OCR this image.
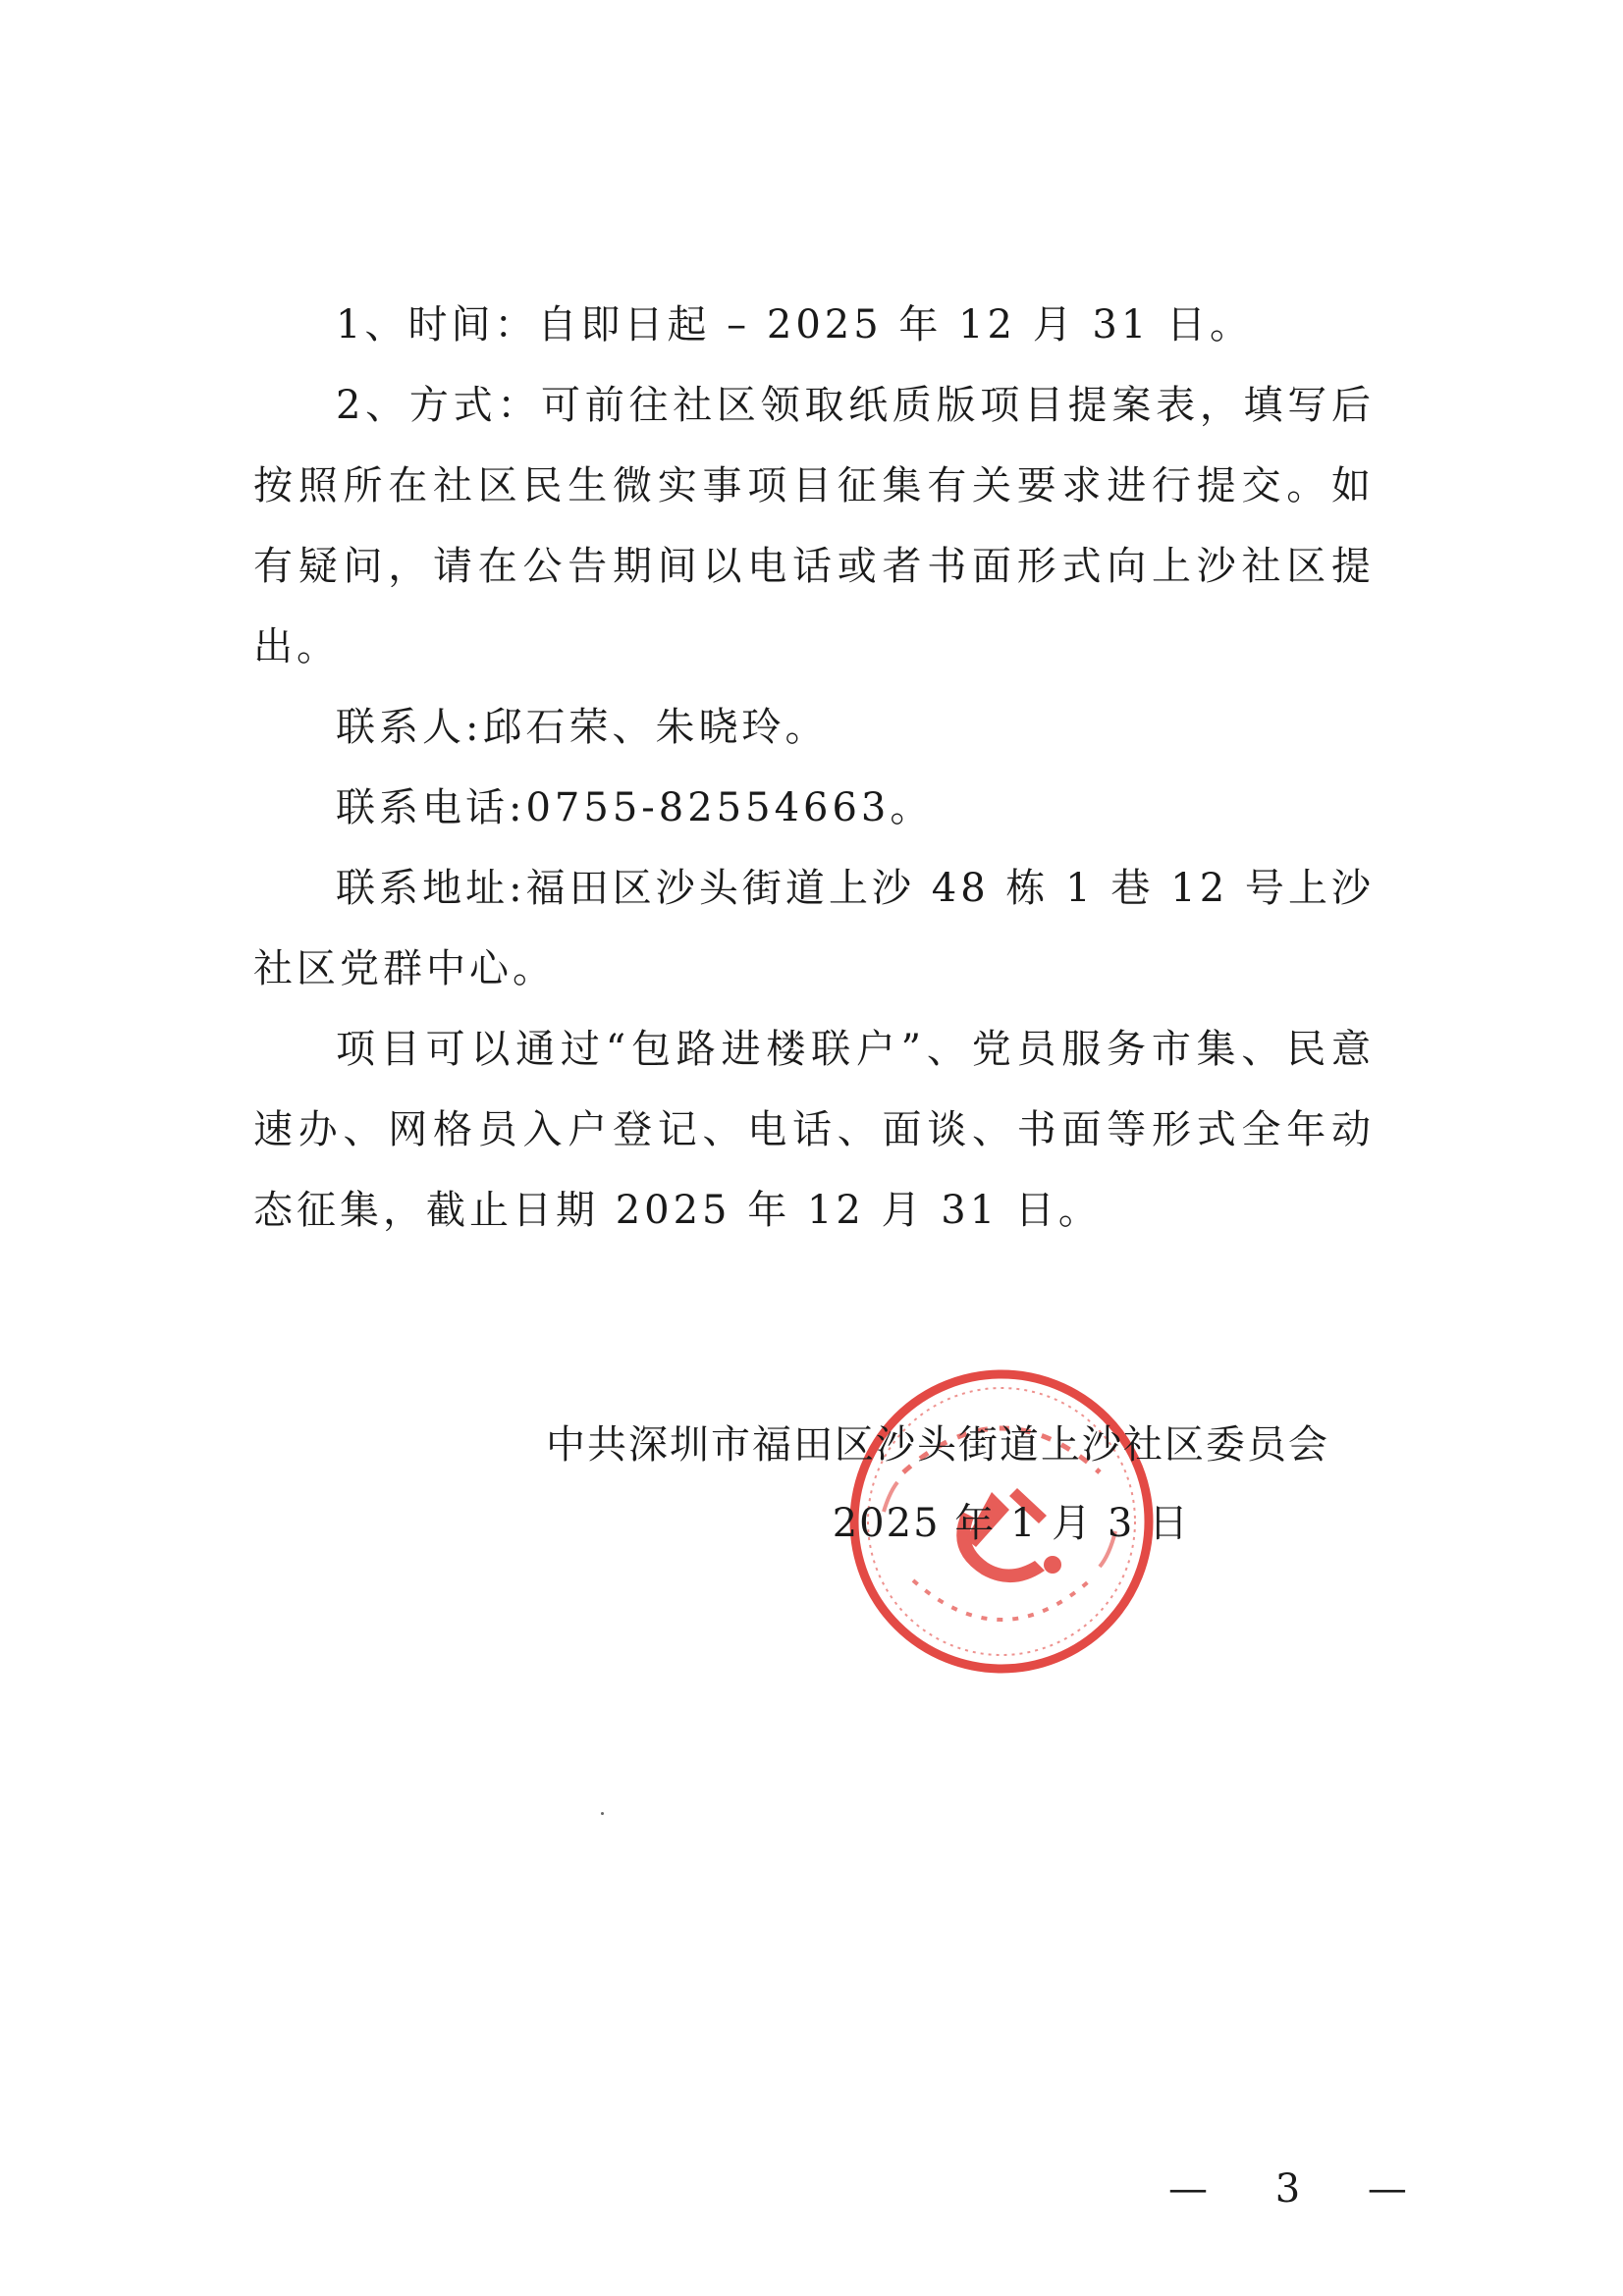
1、时间：自即日起 – 2025 年 12 月 31 日。

2、方式：可前往社区领取纸质版项目提案表，填写后按照所在社区民生微实事项目征集有关要求进行提交。如有疑问，请在公告期间以电话或者书面形式向上沙社区提出。

联系人:邱石荣、朱晓玲。

联系电话:0755-82554663。

联系地址:福田区沙头街道上沙 48 栋 1 巷 12 号上沙社区党群中心。

项目可以通过“包路进楼联户”、党员服务市集、民意速办、网格员入户登记、电话、面谈、书面等形式全年动态征集，截止日期 2025 年 12 月 31 日。

中共深圳市福田区沙头街道上沙社区委员会
2025 年 1 月 3 日
— 3 —
